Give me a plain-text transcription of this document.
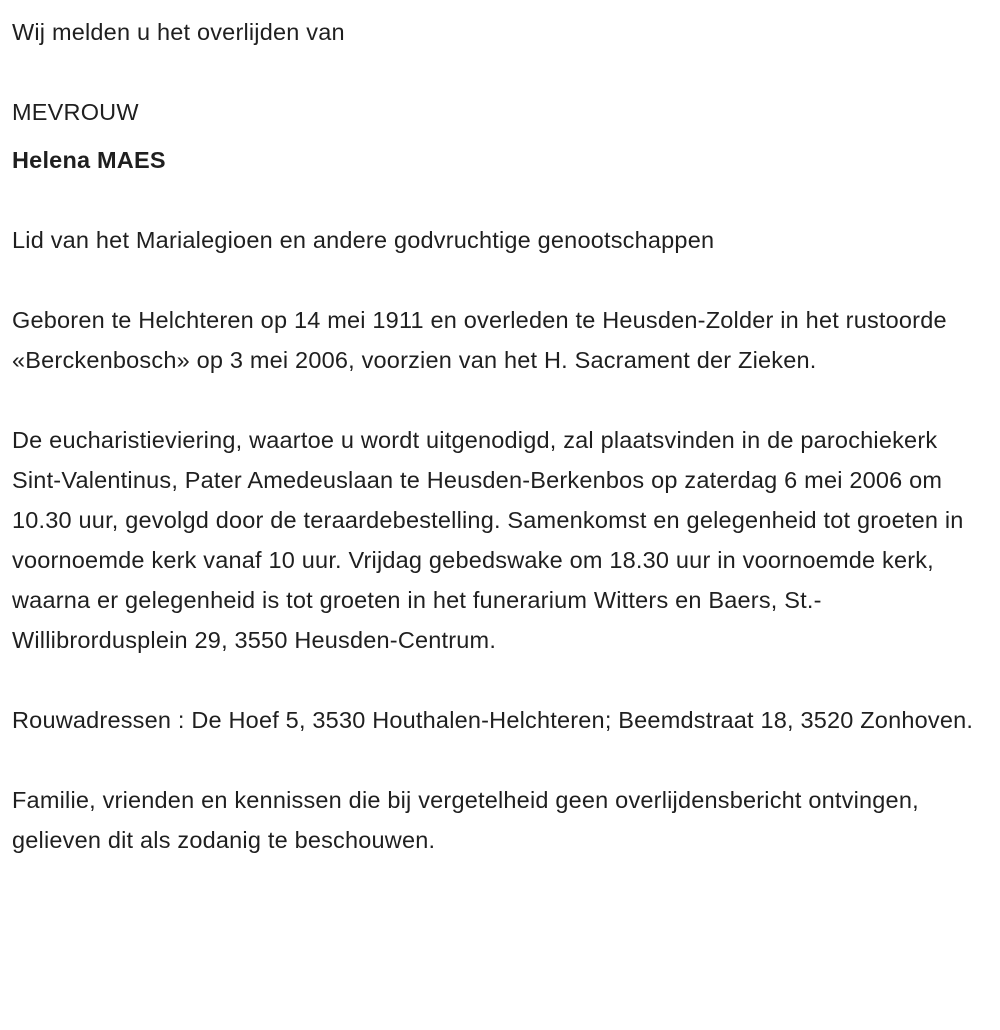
Wij melden u het overlijden van

MEVROUW

Helena MAES

Lid van het Marialegioen en andere godvruchtige genootschappen

Geboren te Helchteren op 14 mei 1911 en overleden te Heusden-Zolder in het rustoorde «Berckenbosch» op 3 mei 2006, voorzien van het H. Sacrament der Zieken.

De eucharistieviering, waartoe u wordt uitgenodigd, zal plaatsvinden in de parochiekerk Sint-Valentinus, Pater Amedeuslaan te Heusden-Berkenbos op zaterdag 6 mei 2006 om 10.30 uur, gevolgd door de teraardebestelling. Samenkomst en gelegenheid tot groeten in voornoemde kerk vanaf 10 uur. Vrijdag gebedswake om 18.30 uur in voornoemde kerk, waarna er gelegenheid is tot groeten in het funerarium Witters en Baers, St.-Willibrordusplein 29, 3550 Heusden-Centrum.

Rouwadressen : De Hoef 5, 3530 Houthalen-Helchteren; Beemdstraat 18, 3520 Zonhoven.

Familie, vrienden en kennissen die bij vergetelheid geen overlijdensbericht ontvingen, gelieven dit als zodanig te beschouwen.
